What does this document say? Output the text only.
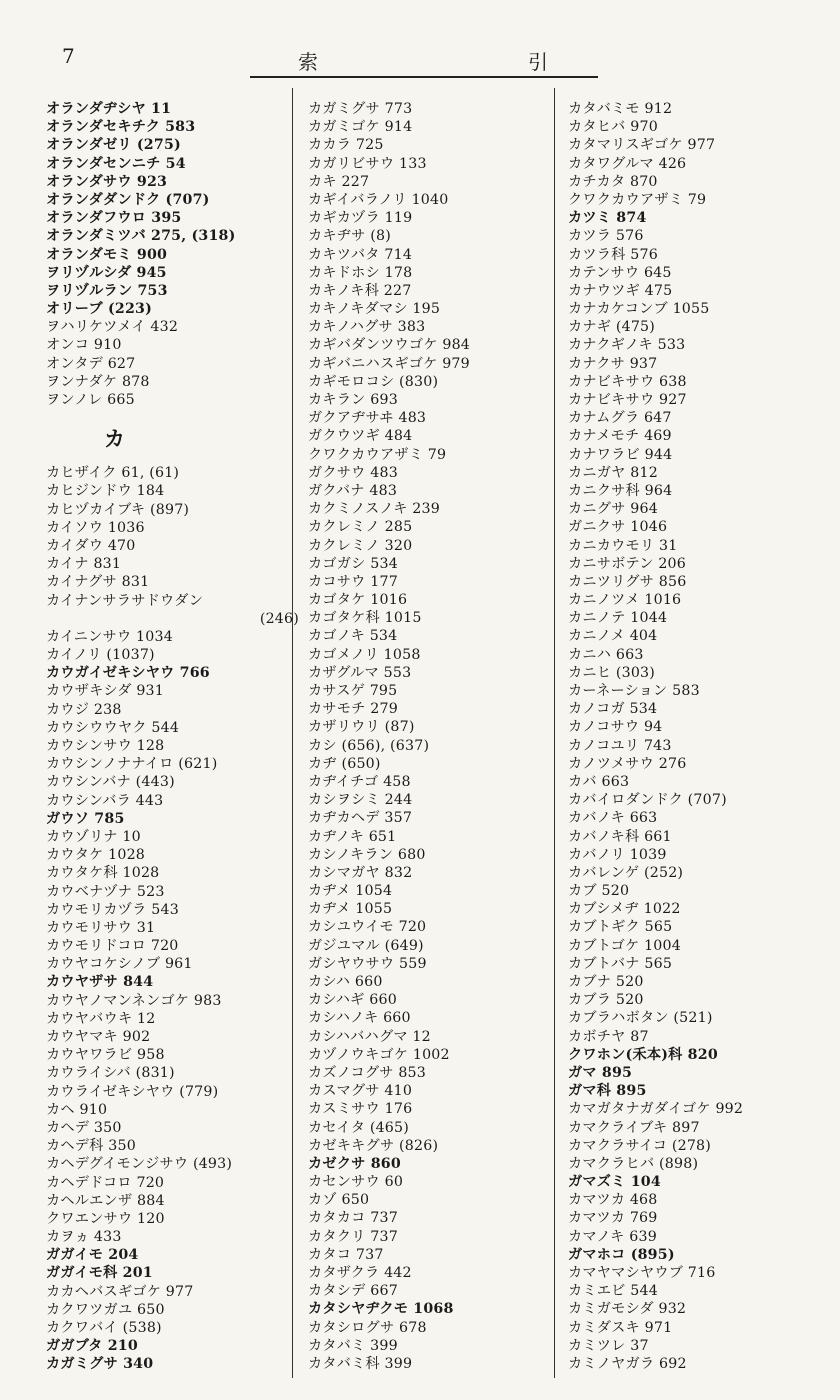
7	索	引
オランダヂシヤ 11
オランダセキチク 583
オランダゼリ (275)
オランダセンニチ 54
オランダサウ 923
オランダダンドク (707)
オランダフウロ 395
オランダミツバ 275, (318)
オランダモミ 900
ヲリヅルシダ 945
ヲリヅルラン 753
オリーブ (223)
ヲハリケツメイ 432
オンコ 910
オンタデ 627
ヲンナダケ 878
ヲンノレ 665
カ
カヒザイク 61, (61)
カヒジンドウ 184
カヒヅカイブキ (897)
カイソウ 1036
カイダウ 470
カイナ 831
カイナグサ 831
カイナンサラサドウダン
(246)
カイニンサウ 1034
カイノリ (1037)
カウガイゼキシヤウ 766
カウザキシダ 931
カウジ 238
カウシウウヤク 544
カウシンサウ 128
カウシンノナナイロ (621)
カウシンバナ (443)
カウシンバラ 443
ガウソ 785
カウゾリナ 10
カウタケ 1028
カウタケ科 1028
カウベナヅナ 523
カウモリカヅラ 543
カウモリサウ 31
カウモリドコロ 720
カウヤコケシノブ 961
カウヤザサ 844
カウヤノマンネンゴケ 983
カウヤバウキ 12
カウヤマキ 902
カウヤワラビ 958
カウライシバ (831)
カウライゼキシヤウ (779)
カヘ 910
カヘデ 350
カヘデ科 350
カヘデグイモンジサウ (493)
カヘデドコロ 720
カヘルエンザ 884
クワエンサウ 120
カヲヵ 433
ガガイモ 204
ガガイモ科 201
カカヘバスギゴケ 977
カクワツガユ 650
カクワバイ (538)
ガガブタ 210
カガミグサ 340
カガミグサ 773
カガミゴケ 914
カカラ 725
カガリビサウ 133
カキ 227
カギイバラノリ 1040
カギカヅラ 119
カキヂサ (8)
カキツバタ 714
カキドホシ 178
カキノキ科 227
カキノキダマシ 195
カキノハグサ 383
カギバダンツウゴケ 984
カギバニハスギゴケ 979
カギモロコシ (830)
カキラン 693
ガクアヂサヰ 483
ガクウツギ 484
クワクカウアザミ 79
ガクサウ 483
ガクバナ 483
カクミノスノキ 239
カクレミノ 285
カクレミノ 320
カゴガシ 534
カコサウ 177
カゴタケ 1016
カゴタケ科 1015
カゴノキ 534
カゴメノリ 1058
カザグルマ 553
カサスゲ 795
カサモチ 279
カザリウリ (87)
カシ (656), (637)
カヂ (650)
カヂイチゴ 458
カシヲシミ 244
カヂカヘデ 357
カヂノキ 651
カシノキラン 680
カシマガヤ 832
カヂメ 1054
カヂメ 1055
カシユウイモ 720
ガジユマル (649)
ガシヤウサウ 559
カシハ 660
カシハギ 660
カシハノキ 660
カシハバハグマ 12
カヅノウキゴケ 1002
カズノコグサ 853
カスマグサ 410
カスミサウ 176
カセイタ (465)
カゼキキグサ (826)
カゼクサ 860
カセンサウ 60
カゾ 650
カタカコ 737
カタクリ 737
カタコ 737
カタザクラ 442
カタシデ 667
カタシヤヂクモ 1068
カタシログサ 678
カタバミ 399
カタバミ科 399
カタバミモ 912
カタヒバ 970
カタマリスギゴケ 977
カタワグルマ 426
カチカタ 870
クワクカウアザミ 79
カツミ 874
カツラ 576
カツラ科 576
カテンサウ 645
カナウツギ 475
カナカケコンブ 1055
カナギ (475)
カナクギノキ 533
カナクサ 937
カナビキサウ 638
カナビキサウ 927
カナムグラ 647
カナメモチ 469
カナワラビ 944
カニガヤ 812
カニクサ科 964
カニグサ 964
ガニクサ 1046
カニカウモリ 31
カニサボテン 206
カニツリグサ 856
カニノツメ 1016
カニノテ 1044
カニノメ 404
カニハ 663
カニヒ (303)
カーネーション 583
カノコガ 534
カノコサウ 94
カノコユリ 743
カノツメサウ 276
カバ 663
カバイロダンドク (707)
カバノキ 663
カバノキ科 661
カバノリ 1039
カバレンゲ (252)
カブ 520
カブシメヂ 1022
カブトギク 565
カブトゴケ 1004
カブトバナ 565
カブナ 520
カブラ 520
カブラハボタン (521)
カボチヤ 87
クワホン(禾本)科 820
ガマ 895
ガマ科 895
カマガタナガダイゴケ 992
カマクライブキ 897
カマクラサイコ (278)
カマクラヒバ (898)
ガマズミ 104
カマツカ 468
カマツカ 769
カマノキ 639
ガマホコ (895)
カマヤマシヤウブ 716
カミエビ 544
カミガモシダ 932
カミダスキ 971
カミツレ 37
カミノヤガラ 692
